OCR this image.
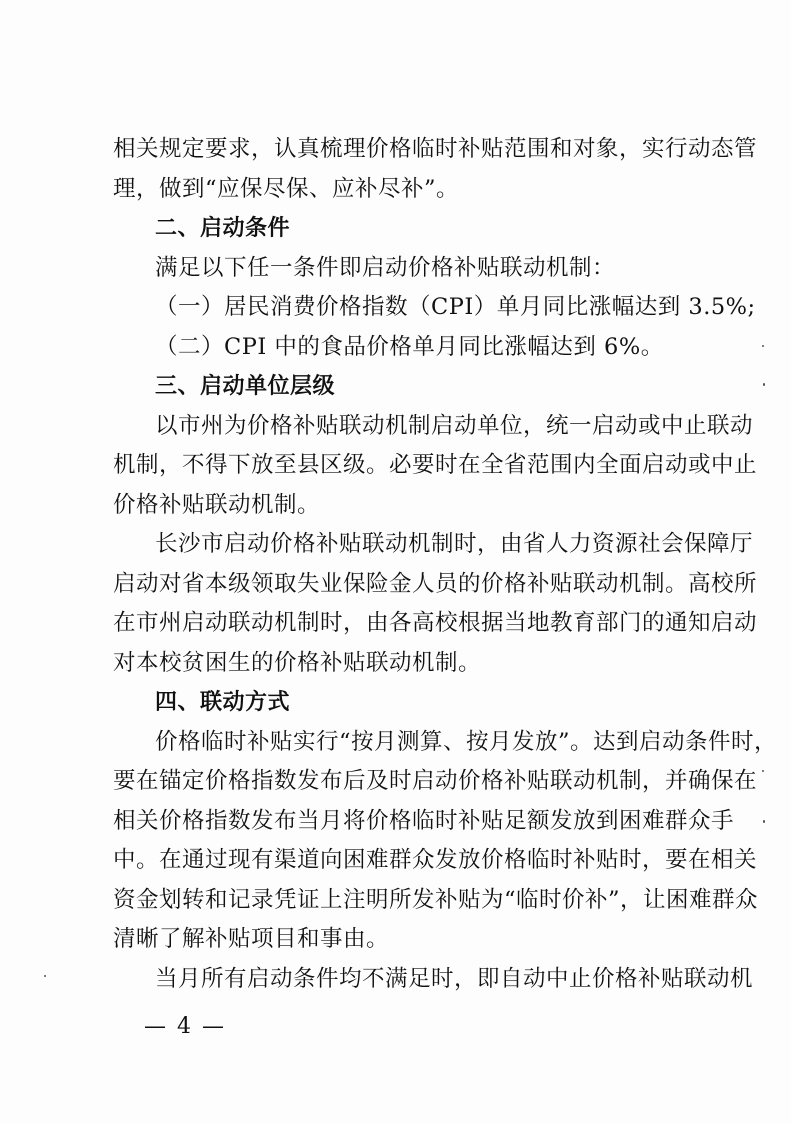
相关规定要求，认真梳理价格临时补贴范围和对象，实行动态管
理，做到“应保尽保、应补尽补”。
二、启动条件
满足以下任一条件即启动价格补贴联动机制：
（一）居民消费价格指数（CPI）单月同比涨幅达到 3.5%;
（二）CPI 中的食品价格单月同比涨幅达到 6%。
三、启动单位层级
以市州为价格补贴联动机制启动单位，统一启动或中止联动
机制，不得下放至县区级。必要时在全省范围内全面启动或中止
价格补贴联动机制。
长沙市启动价格补贴联动机制时，由省人力资源社会保障厅
启动对省本级领取失业保险金人员的价格补贴联动机制。高校所
在市州启动联动机制时，由各高校根据当地教育部门的通知启动
对本校贫困生的价格补贴联动机制。
四、联动方式
价格临时补贴实行“按月测算、按月发放”。达到启动条件时，
要在锚定价格指数发布后及时启动价格补贴联动机制，并确保在
相关价格指数发布当月将价格临时补贴足额发放到困难群众手
中。在通过现有渠道向困难群众发放价格临时补贴时，要在相关
资金划转和记录凭证上注明所发补贴为“临时价补”，让困难群众
清晰了解补贴项目和事由。
当月所有启动条件均不满足时，即自动中止价格补贴联动机
— 4 —
